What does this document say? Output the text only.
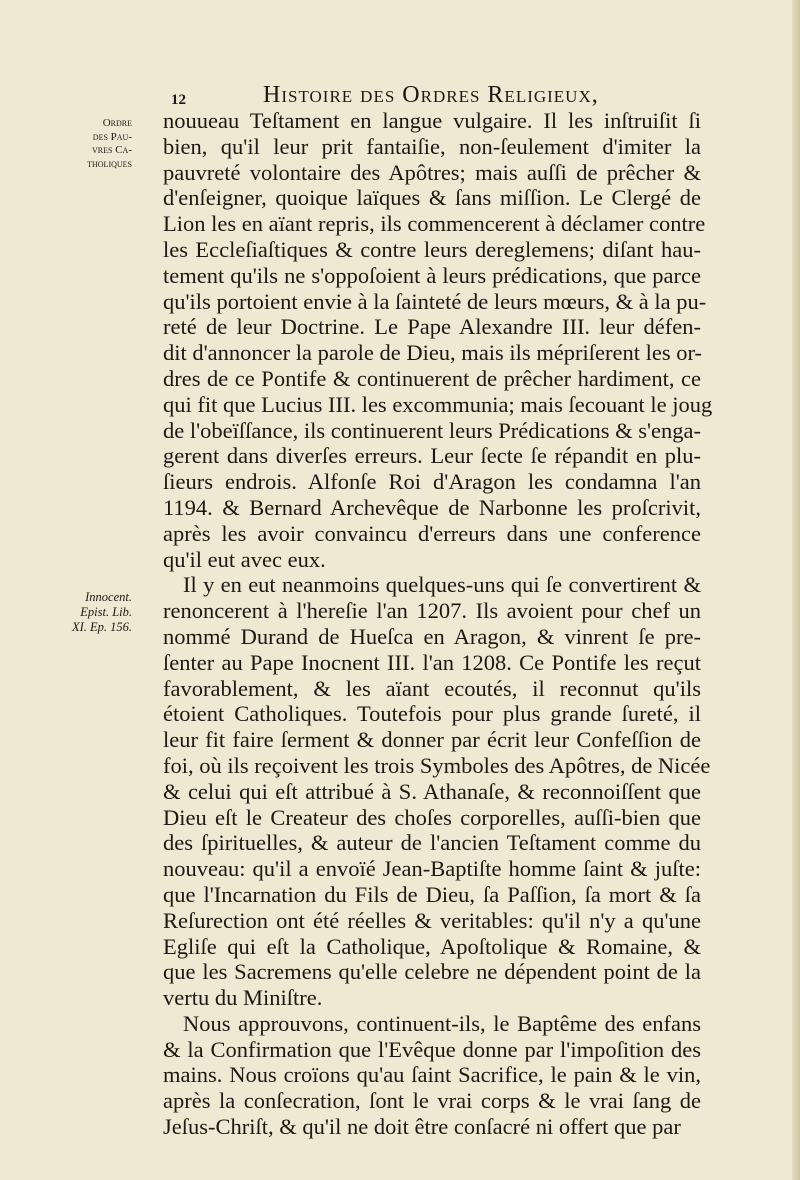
12	Histoire des Ordres Religieux,
Ordre
des Pau-
vres Ca-
tholiques
Innocent.
Epist. Lib.
XI. Ep. 156.
nouueau Teſtament en langue vulgaire. Il les inſtruiſit ſi
bien, qu'il leur prit fantaiſie, non-ſeulement d'imiter la
pauvreté volontaire des Apôtres; mais auſſi de prêcher &
d'enſeigner, quoique laïques & ſans miſſion. Le Clergé de
Lion les en aïant repris, ils commencerent à déclamer contre
les Eccleſiaſtiques & contre leurs dereglemens; diſant hau-
tement qu'ils ne s'oppoſoient à leurs prédications, que parce
qu'ils portoient envie à la ſainteté de leurs mœurs, & à la pu-
reté de leur Doctrine. Le Pape Alexandre III. leur défen-
dit d'annoncer la parole de Dieu, mais ils mépriſerent les or-
dres de ce Pontife & continuerent de prêcher hardiment, ce
qui fit que Lucius III. les excommunia; mais ſecouant le joug
de l'obeïſſance, ils continuerent leurs Prédications & s'enga-
gerent dans diverſes erreurs. Leur ſecte ſe répandit en plu-
ſieurs endrois. Alfonſe Roi d'Aragon les condamna l'an
1194. & Bernard Archevêque de Narbonne les proſcrivit,
après les avoir convaincu d'erreurs dans une conference
qu'il eut avec eux.
Il y en eut neanmoins quelques-uns qui ſe convertirent &
renoncerent à l'hereſie l'an 1207. Ils avoient pour chef un
nommé Durand de Hueſca en Aragon, & vinrent ſe pre-
ſenter au Pape Inocnent III. l'an 1208. Ce Pontife les reçut
favorablement, & les aïant ecoutés, il reconnut qu'ils
étoient Catholiques. Toutefois pour plus grande ſureté, il
leur fit faire ſerment & donner par écrit leur Confeſſion de
foi, où ils reçoivent les trois Symboles des Apôtres, de Nicée
& celui qui eſt attribué à S. Athanaſe, & reconnoiſſent que
Dieu eſt le Createur des choſes corporelles, auſſi-bien que
des ſpirituelles, & auteur de l'ancien Teſtament comme du
nouveau: qu'il a envoïé Jean-Baptiſte homme ſaint & juſte:
que l'Incarnation du Fils de Dieu, ſa Paſſion, ſa mort & ſa
Reſurection ont été réelles & veritables: qu'il n'y a qu'une
Egliſe qui eſt la Catholique, Apoſtolique & Romaine, &
que les Sacremens qu'elle celebre ne dépendent point de la
vertu du Miniſtre.
Nous approuvons, continuent-ils, le Baptême des enfans
& la Confirmation que l'Evêque donne par l'impoſition des
mains. Nous croïons qu'au ſaint Sacrifice, le pain & le vin,
après la conſecration, ſont le vrai corps & le vrai ſang de
Jeſus-Chriſt, & qu'il ne doit être conſacré ni offert que par
